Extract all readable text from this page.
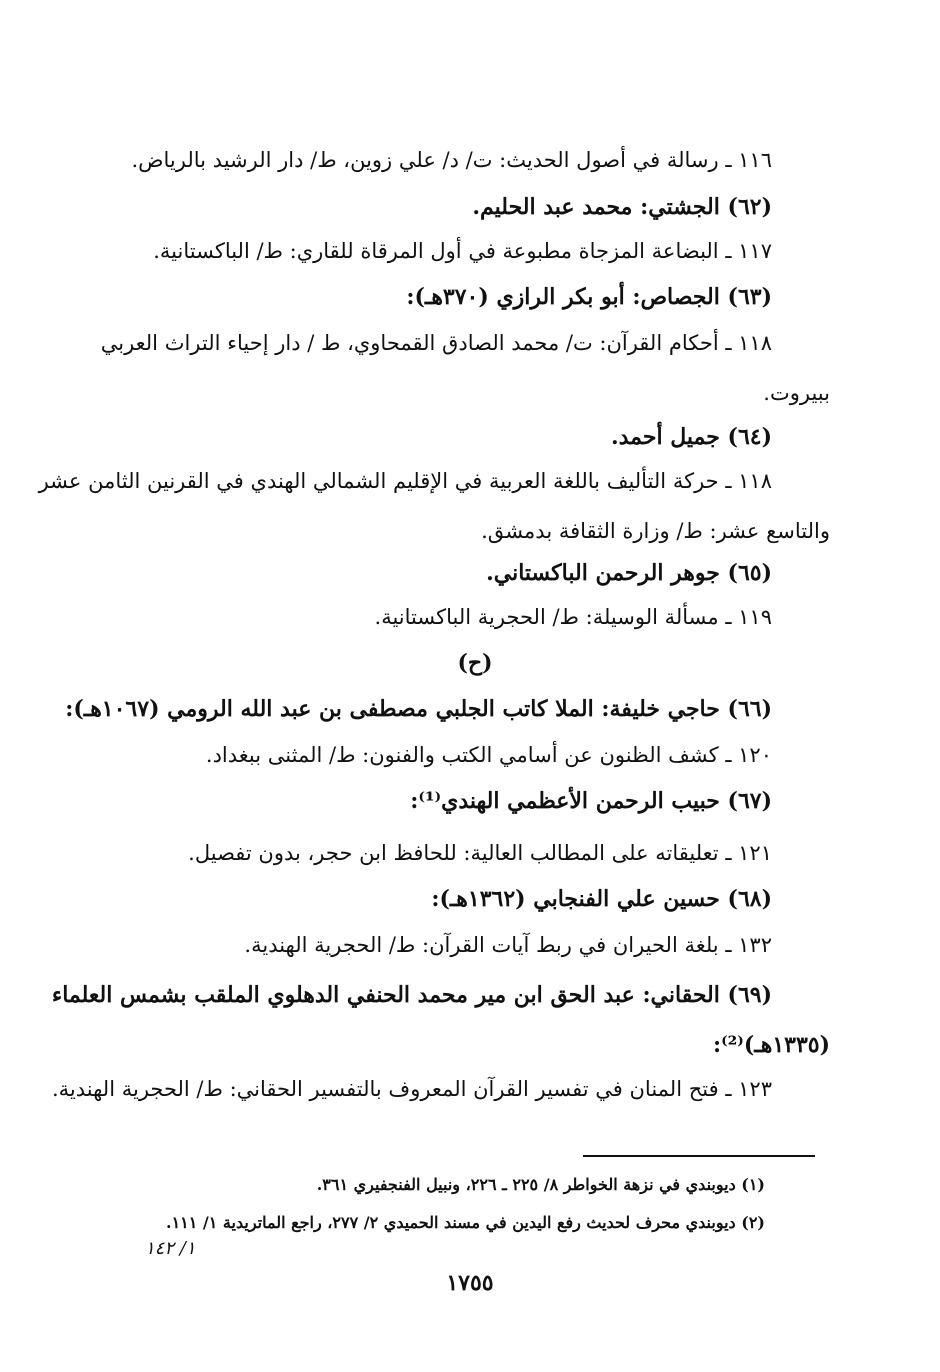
١١٦ ـ رسالة في أصول الحديث: ت/ د/ علي زوين، ط/ دار الرشيد بالرياض.
(٦٢) الجشتي: محمد عبد الحليم.
١١٧ ـ البضاعة المزجاة مطبوعة في أول المرقاة للقاري: ط/ الباكستانية.
(٦٣) الجصاص: أبو بكر الرازي (٣٧٠هـ):
١١٨ ـ أحكام القرآن: ت/ محمد الصادق القمحاوي، ط / دار إحياء التراث العربي
ببيروت.
(٦٤) جميل أحمد.
١١٨ ـ حركة التأليف باللغة العربية في الإقليم الشمالي الهندي في القرنين الثامن عشر
والتاسع عشر: ط/ وزارة الثقافة بدمشق.
(٦٥) جوهر الرحمن الباكستاني.
١١٩ ـ مسألة الوسيلة: ط/ الحجرية الباكستانية.
(ح)
(٦٦) حاجي خليفة: الملا كاتب الجلبي مصطفى بن عبد الله الرومي (١٠٦٧هـ):
١٢٠ ـ كشف الظنون عن أسامي الكتب والفنون: ط/ المثنى ببغداد.
(٦٧) حبيب الرحمن الأعظمي الهندي⁽¹⁾:
١٢١ ـ تعليقاته على المطالب العالية: للحافظ ابن حجر، بدون تفصيل.
(٦٨) حسين علي الفنجابي (١٣٦٢هـ):
١٣٢ ـ بلغة الحيران في ربط آيات القرآن: ط/ الحجرية الهندية.
(٦٩) الحقاني: عبد الحق ابن مير محمد الحنفي الدهلوي الملقب بشمس العلماء
(١٣٣٥هـ)⁽²⁾:
١٢٣ ـ فتح المنان في تفسير القرآن المعروف بالتفسير الحقاني: ط/ الحجرية الهندية.
(١) ديوبندي في نزهة الخواطر ٨/ ٢٢٥ ـ ٢٢٦، ونبيل الفنجفيري ٣٦١.
(٢) ديوبندي محرف لحديث رفع اليدين في مسند الحميدي ٢/ ٢٧٧، راجع الماتريدية ١/ ١١١.
١/ ١٤٢
١٧٥٥
